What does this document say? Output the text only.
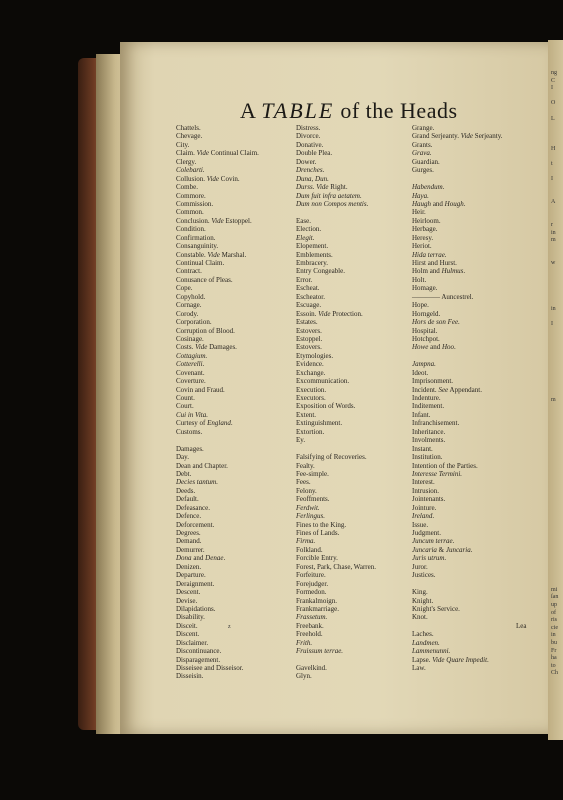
ng
C
I
O
L
H
t
I
A
r
in
m
w
in
I
m
mi
ſan
up
of
ris
cie
in
bu
Fr
ha
to
Ch
A TABLE of the Heads
Chattels.
Chevage.
City.
Claim. Vide Continual Claim.
Clergy.
Colebarti.
Collusion. Vide Covin.
Combe.
Commore.
Commission.
Common.
Conclusion. Vide Estoppel.
Condition.
Confirmation.
Consanguinity.
Constable. Vide Marshal.
Continual Claim.
Contract.
Conusance of Pleas.
Cope.
Copyhold.
Cornage.
Corody.
Corporation.
Corruption of Blood.
Cosinage.
Costs. Vide Damages.
Cottagium.
Cotterelli.
Covenant.
Coverture.
Covin and Fraud.
Count.
Court.
Cui in Vita.
Curtesy of England.
Customs.
Damages.
Day.
Dean and Chapter.
Debt.
Decies tantum.
Deeds.
Default.
Defeasance.
Defence.
Deforcement.
Degrees.
Demand.
Demurrer.
Dona and Denae.
Denizen.
Departure.
Deraignment.
Descent.
Devise.
Dilapidations.
Disability.
Disceit.
Discent.
Disclaimer.
Discontinuance.
Disparagement.
Disseisee and Disseisor.
Disseisin.
Distress.
Divorce.
Donative.
Double Plea.
Dower.
Drenches.
Duna, Dun.
Durss. Vide Right.
Dum fuit infra aetatem.
Dum non Compos mentis.
Ease.
Election.
Elegit.
Elopement.
Emblements.
Embracery.
Entry Congeable.
Error.
Escheat.
Escheator.
Escuage.
Essoin. Vide Protection.
Estates.
Estovers.
Estoppel.
Estovers.
Etymologies.
Evidence.
Exchange.
Excommunication.
Execution.
Executors.
Exposition of Words.
Extent.
Extinguishment.
Extortion.
Ey.
Falsifying of Recoveries.
Fealty.
Fee-simple.
Fees.
Felony.
Feoffments.
Ferdwit.
Ferlingus.
Fines to the King.
Fines of Lands.
Firma.
Folkland.
Forcible Entry.
Forest, Park, Chase, Warren.
Forfeiture.
Forejudger.
Formedon.
Frankalmoign.
Frankmarriage.
Frassetum.
Freebank.
Freehold.
Frith.
Fruissum terrae.
Gavelkind.
Glyn.
Grange.
Grand Serjeanty. Vide Serjeanty.
Grants.
Grava.
Guardian.
Gurges.
Habendum.
Haya.
Haugh and Hough.
Heir.
Heirloom.
Herbage.
Heresy.
Heriot.
Hida terrae.
Hirst and Hurst.
Holm and Hulmus.
Holt.
Homage.
———— Auncestrel.
Hope.
Horngeld.
Hors de son Fee.
Hospital.
Hotchpot.
Howe and Hoo.
Jampna.
Ideot.
Imprisonment.
Incident. See Appendant.
Indenture.
Inditement.
Infant.
Infranchisement.
Inheritance.
Involments.
Instant.
Institution.
Intention of the Parties.
Interesse Termini.
Interest.
Intrusion.
Jointenants.
Jointure.
Ireland.
Issue.
Judgment.
Juncum terrae.
Juncaria & Juncaria.
Juris utrum.
Juror.
Justices.
King.
Knight.
Knight's Service.
Knot.
Laches.
Landmen.
Lammenunni.
Lapse. Vide Quare Impedit.
Law.
z	Lea
